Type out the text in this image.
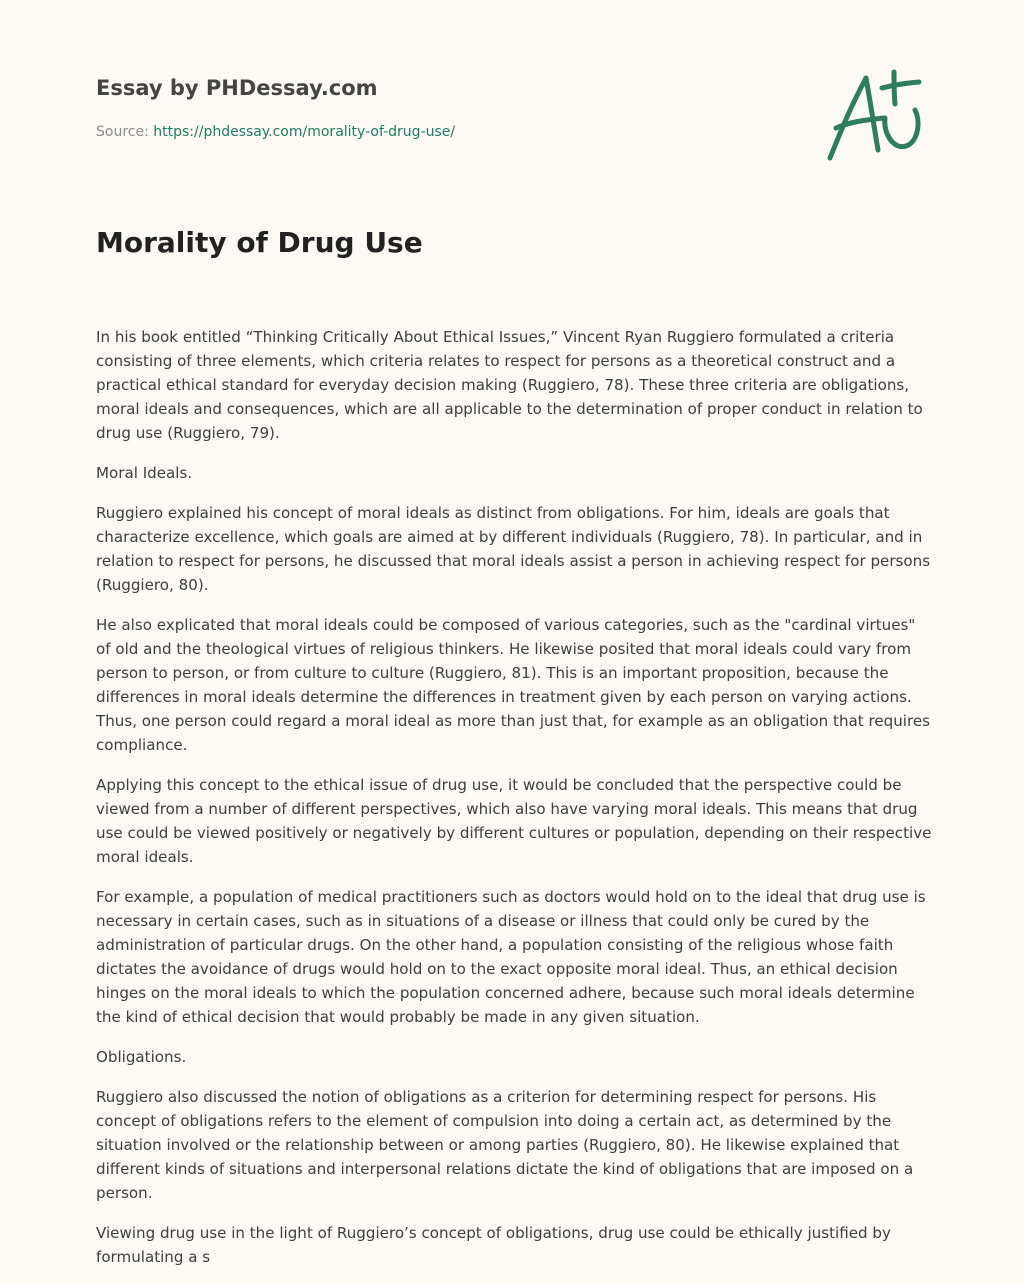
Essay by PHDessay.com
Source: https://phdessay.com/morality-of-drug-use/
Morality of Drug Use

In his book entitled “Thinking Critically About Ethical Issues,” Vincent Ryan Ruggiero formulated a criteria consisting of three elements, which criteria relates to respect for persons as a theoretical construct and a practical ethical standard for everyday decision making (Ruggiero, 78). These three criteria are obligations, moral ideals and consequences, which are all applicable to the determination of proper conduct in relation to drug use (Ruggiero, 79).

Moral Ideals.

Ruggiero explained his concept of moral ideals as distinct from obligations. For him, ideals are goals that characterize excellence, which goals are aimed at by different individuals (Ruggiero, 78). In particular, and in relation to respect for persons, he discussed that moral ideals assist a person in achieving respect for persons (Ruggiero, 80).

He also explicated that moral ideals could be composed of various categories, such as the "cardinal virtues" of old and the theological virtues of religious thinkers. He likewise posited that moral ideals could vary from person to person, or from culture to culture (Ruggiero, 81). This is an important proposition, because the differences in moral ideals determine the differences in treatment given by each person on varying actions. Thus, one person could regard a moral ideal as more than just that, for example as an obligation that requires compliance.

Applying this concept to the ethical issue of drug use, it would be concluded that the perspective could be viewed from a number of different perspectives, which also have varying moral ideals. This means that drug use could be viewed positively or negatively by different cultures or population, depending on their respective moral ideals.

For example, a population of medical practitioners such as doctors would hold on to the ideal that drug use is necessary in certain cases, such as in situations of a disease or illness that could only be cured by the administration of particular drugs. On the other hand, a population consisting of the religious whose faith dictates the avoidance of drugs would hold on to the exact opposite moral ideal. Thus, an ethical decision hinges on the moral ideals to which the population concerned adhere, because such moral ideals determine the kind of ethical decision that would probably be made in any given situation.

Obligations.

Ruggiero also discussed the notion of obligations as a criterion for determining respect for persons. His concept of obligations refers to the element of compulsion into doing a certain act, as determined by the situation involved or the relationship between or among parties (Ruggiero, 80). He likewise explained that different kinds of situations and interpersonal relations dictate the kind of obligations that are imposed on a person.

Viewing drug use in the light of Ruggiero’s concept of obligations, drug use could be ethically justified by formulating a s
